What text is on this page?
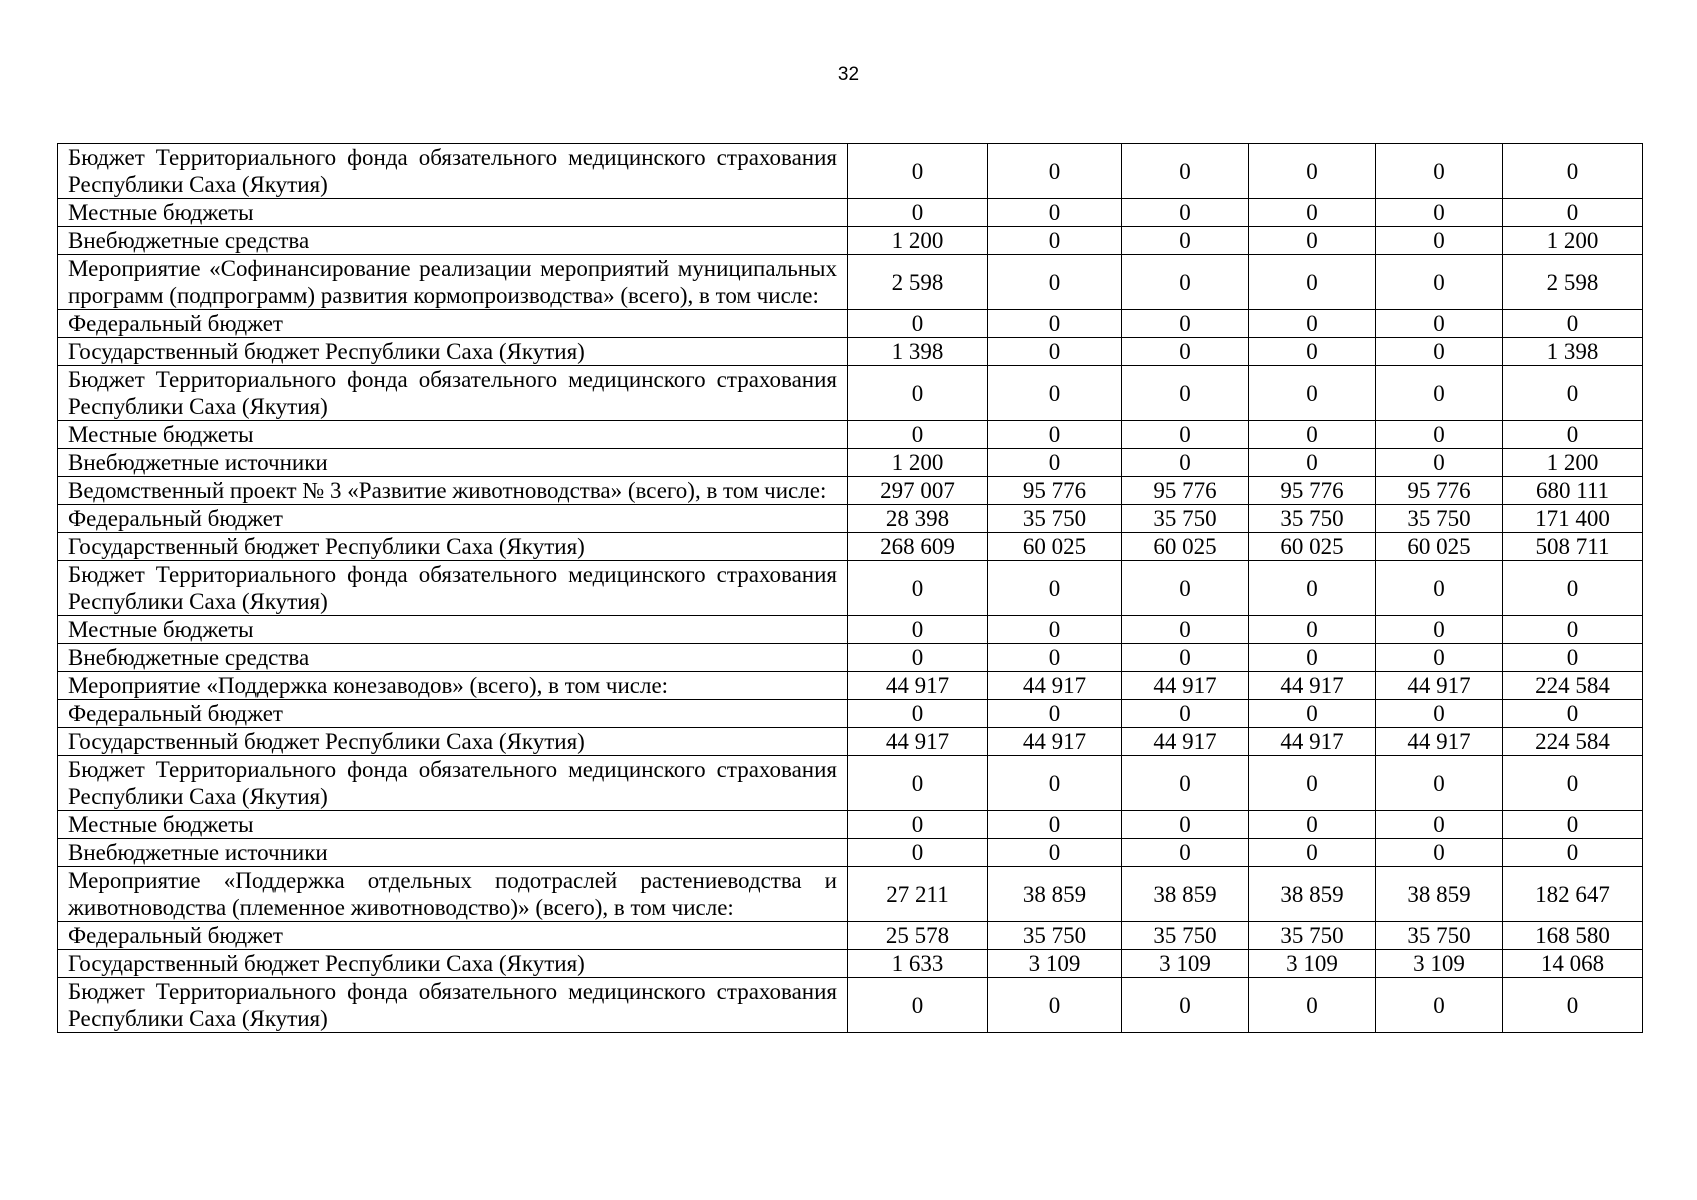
32
Бюджет Территориального фонда обязательного медицинского страхования Республики Саха (Якутия)	0	0	0	0	0	0
Местные бюджеты	0	0	0	0	0	0
Внебюджетные средства	1 200	0	0	0	0	1 200
Мероприятие «Софинансирование реализации мероприятий муниципальных программ (подпрограмм) развития кормопроизводства» (всего), в том числе:	2 598	0	0	0	0	2 598
Федеральный бюджет	0	0	0	0	0	0
Государственный бюджет Республики Саха (Якутия)	1 398	0	0	0	0	1 398
Бюджет Территориального фонда обязательного медицинского страхования Республики Саха (Якутия)	0	0	0	0	0	0
Местные бюджеты	0	0	0	0	0	0
Внебюджетные источники	1 200	0	0	0	0	1 200
Ведомственный проект № 3 «Развитие животноводства» (всего), в том числе:	297 007	95 776	95 776	95 776	95 776	680 111
Федеральный бюджет	28 398	35 750	35 750	35 750	35 750	171 400
Государственный бюджет Республики Саха (Якутия)	268 609	60 025	60 025	60 025	60 025	508 711
Бюджет Территориального фонда обязательного медицинского страхования Республики Саха (Якутия)	0	0	0	0	0	0
Местные бюджеты	0	0	0	0	0	0
Внебюджетные средства	0	0	0	0	0	0
Мероприятие «Поддержка конезаводов» (всего), в том числе:	44 917	44 917	44 917	44 917	44 917	224 584
Федеральный бюджет	0	0	0	0	0	0
Государственный бюджет Республики Саха (Якутия)	44 917	44 917	44 917	44 917	44 917	224 584
Бюджет Территориального фонда обязательного медицинского страхования Республики Саха (Якутия)	0	0	0	0	0	0
Местные бюджеты	0	0	0	0	0	0
Внебюджетные источники	0	0	0	0	0	0
Мероприятие «Поддержка отдельных подотраслей растениеводства и животноводства (племенное животноводство)» (всего), в том числе:	27 211	38 859	38 859	38 859	38 859	182 647
Федеральный бюджет	25 578	35 750	35 750	35 750	35 750	168 580
Государственный бюджет Республики Саха (Якутия)	1 633	3 109	3 109	3 109	3 109	14 068
Бюджет Территориального фонда обязательного медицинского страхования Республики Саха (Якутия)	0	0	0	0	0	0
